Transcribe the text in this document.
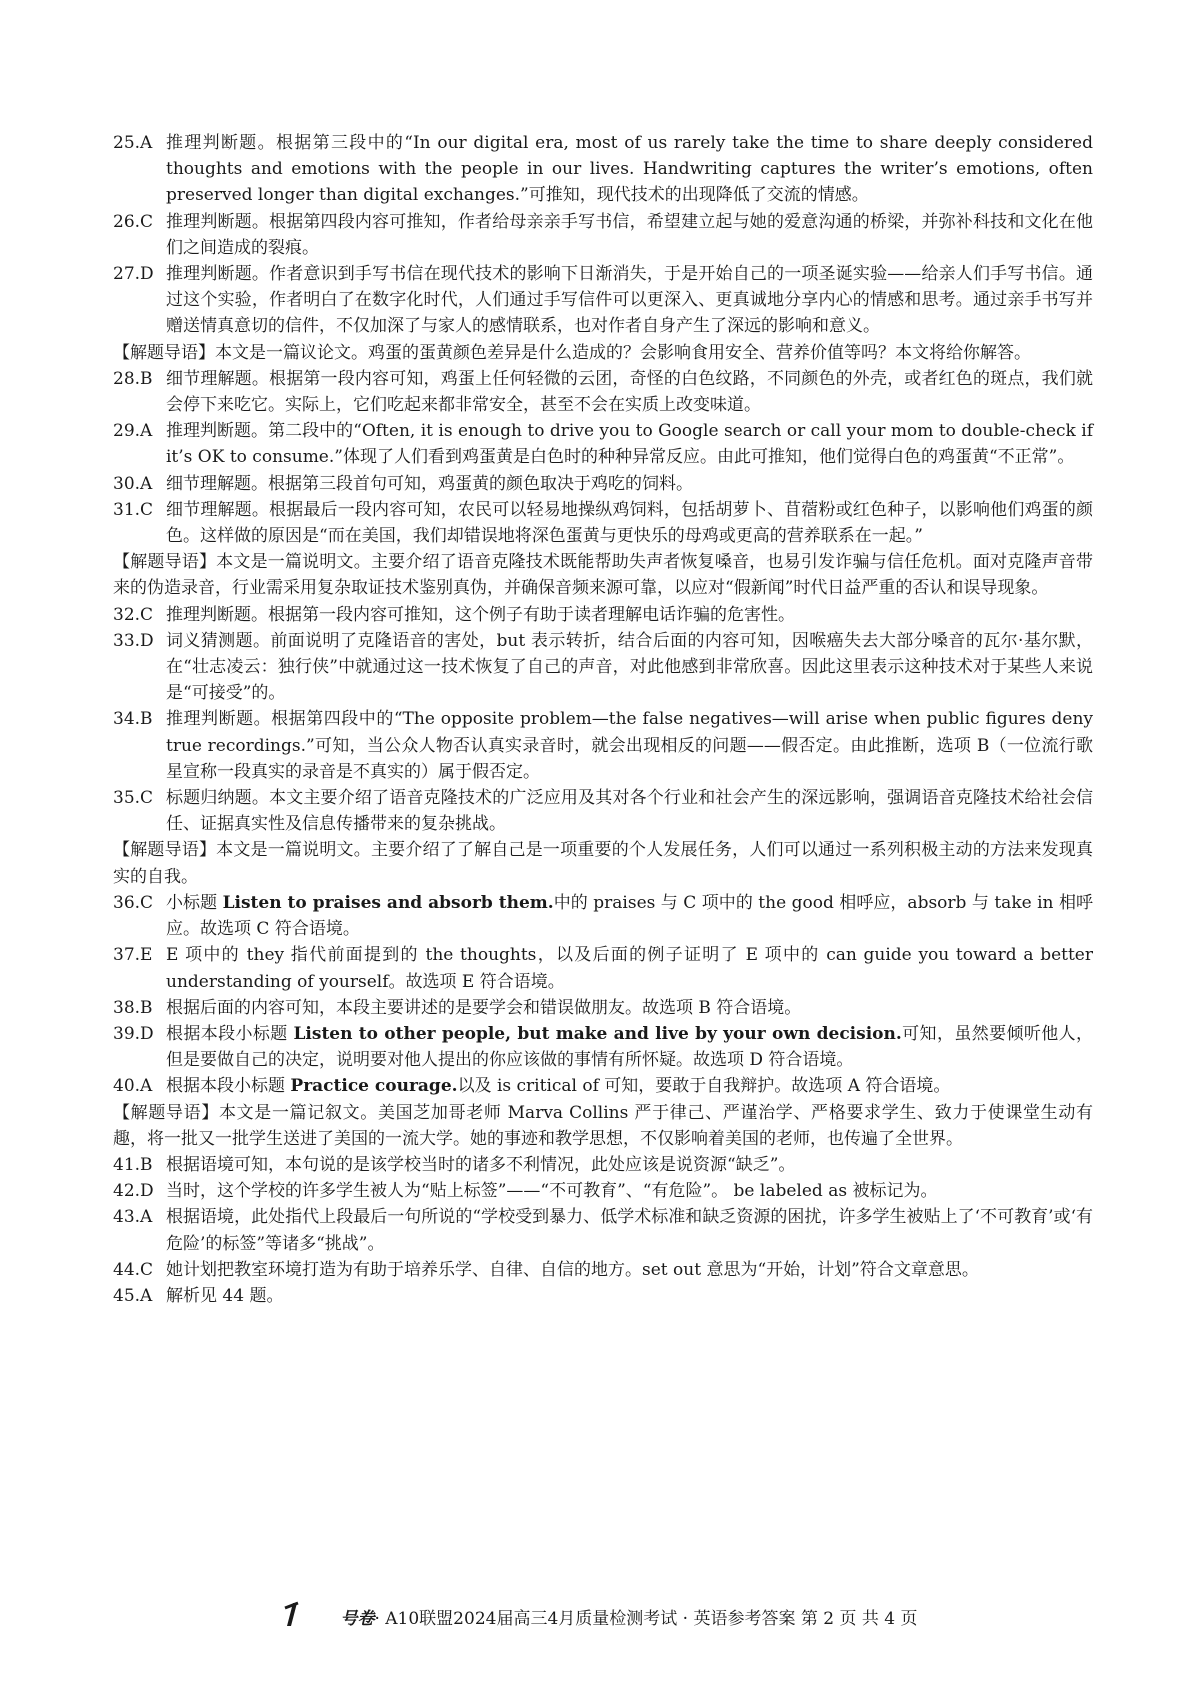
25.A 推理判断题。根据第三段中的“In our digital era, most of us rarely take the time to share deeply considered thoughts and emotions with the people in our lives. Handwriting captures the writer’s emotions, often preserved longer than digital exchanges.”可推知，现代技术的出现降低了交流的情感。

26.C 推理判断题。根据第四段内容可推知，作者给母亲亲手写书信，希望建立起与她的爱意沟通的桥梁，并弥补科技和文化在他们之间造成的裂痕。

27.D 推理判断题。作者意识到手写书信在现代技术的影响下日渐消失，于是开始自己的一项圣诞实验——给亲人们手写书信。通过这个实验，作者明白了在数字化时代，人们通过手写信件可以更深入、更真诚地分享内心的情感和思考。通过亲手书写并赠送情真意切的信件，不仅加深了与家人的感情联系，也对作者自身产生了深远的影响和意义。

【解题导语】本文是一篇议论文。鸡蛋的蛋黄颜色差异是什么造成的？会影响食用安全、营养价值等吗？本文将给你解答。

28.B 细节理解题。根据第一段内容可知，鸡蛋上任何轻微的云团，奇怪的白色纹路，不同颜色的外壳，或者红色的斑点，我们就会停下来吃它。实际上，它们吃起来都非常安全，甚至不会在实质上改变味道。

29.A 推理判断题。第二段中的“Often, it is enough to drive you to Google search or call your mom to double-check if it’s OK to consume.”体现了人们看到鸡蛋黄是白色时的种种异常反应。由此可推知，他们觉得白色的鸡蛋黄“不正常”。

30.A 细节理解题。根据第三段首句可知，鸡蛋黄的颜色取决于鸡吃的饲料。

31.C 细节理解题。根据最后一段内容可知，农民可以轻易地操纵鸡饲料，包括胡萝卜、苜蓿粉或红色种子，以影响他们鸡蛋的颜色。这样做的原因是“而在美国，我们却错误地将深色蛋黄与更快乐的母鸡或更高的营养联系在一起。”

【解题导语】本文是一篇说明文。主要介绍了语音克隆技术既能帮助失声者恢复嗓音，也易引发诈骗与信任危机。面对克隆声音带来的伪造录音，行业需采用复杂取证技术鉴别真伪，并确保音频来源可靠，以应对“假新闻”时代日益严重的否认和误导现象。

32.C 推理判断题。根据第一段内容可推知，这个例子有助于读者理解电话诈骗的危害性。

33.D 词义猜测题。前面说明了克隆语音的害处，but 表示转折，结合后面的内容可知，因喉癌失去大部分嗓音的瓦尔·基尔默，在“壮志凌云：独行侠”中就通过这一技术恢复了自己的声音，对此他感到非常欣喜。因此这里表示这种技术对于某些人来说是“可接受”的。

34.B 推理判断题。根据第四段中的“The opposite problem—the false negatives—will arise when public figures deny true recordings.”可知，当公众人物否认真实录音时，就会出现相反的问题——假否定。由此推断，选项 B（一位流行歌星宣称一段真实的录音是不真实的）属于假否定。

35.C 标题归纳题。本文主要介绍了语音克隆技术的广泛应用及其对各个行业和社会产生的深远影响，强调语音克隆技术给社会信任、证据真实性及信息传播带来的复杂挑战。

【解题导语】本文是一篇说明文。主要介绍了了解自己是一项重要的个人发展任务，人们可以通过一系列积极主动的方法来发现真实的自我。

36.C 小标题 Listen to praises and absorb them.中的 praises 与 C 项中的 the good 相呼应，absorb 与 take in 相呼应。故选项 C 符合语境。

37.E E 项中的 they 指代前面提到的 the thoughts，以及后面的例子证明了 E 项中的 can guide you toward a better understanding of yourself。故选项 E 符合语境。

38.B 根据后面的内容可知，本段主要讲述的是要学会和错误做朋友。故选项 B 符合语境。

39.D 根据本段小标题 Listen to other people, but make and live by your own decision.可知，虽然要倾听他人，但是要做自己的决定，说明要对他人提出的你应该做的事情有所怀疑。故选项 D 符合语境。

40.A 根据本段小标题 Practice courage.以及 is critical of 可知，要敢于自我辩护。故选项 A 符合语境。

【解题导语】本文是一篇记叙文。美国芝加哥老师 Marva Collins 严于律己、严谨治学、严格要求学生、致力于使课堂生动有趣，将一批又一批学生送进了美国的一流大学。她的事迹和教学思想，不仅影响着美国的老师，也传遍了全世界。

41.B 根据语境可知，本句说的是该学校当时的诸多不利情况，此处应该是说资源“缺乏”。

42.D 当时，这个学校的许多学生被人为“贴上标签”——“不可教育”、“有危险”。 be labeled as 被标记为。

43.A 根据语境，此处指代上段最后一句所说的“学校受到暴力、低学术标准和缺乏资源的困扰，许多学生被贴上了‘不可教育’或‘有危险’的标签”等诸多“挑战”。

44.C 她计划把教室环境打造为有助于培养乐学、自律、自信的地方。set out 意思为“开始，计划”符合文章意思。

45.A 解析见 44 题。

号卷· A10联盟2024届高三4月质量检测考试 · 英语参考答案 第 2 页 共 4 页
